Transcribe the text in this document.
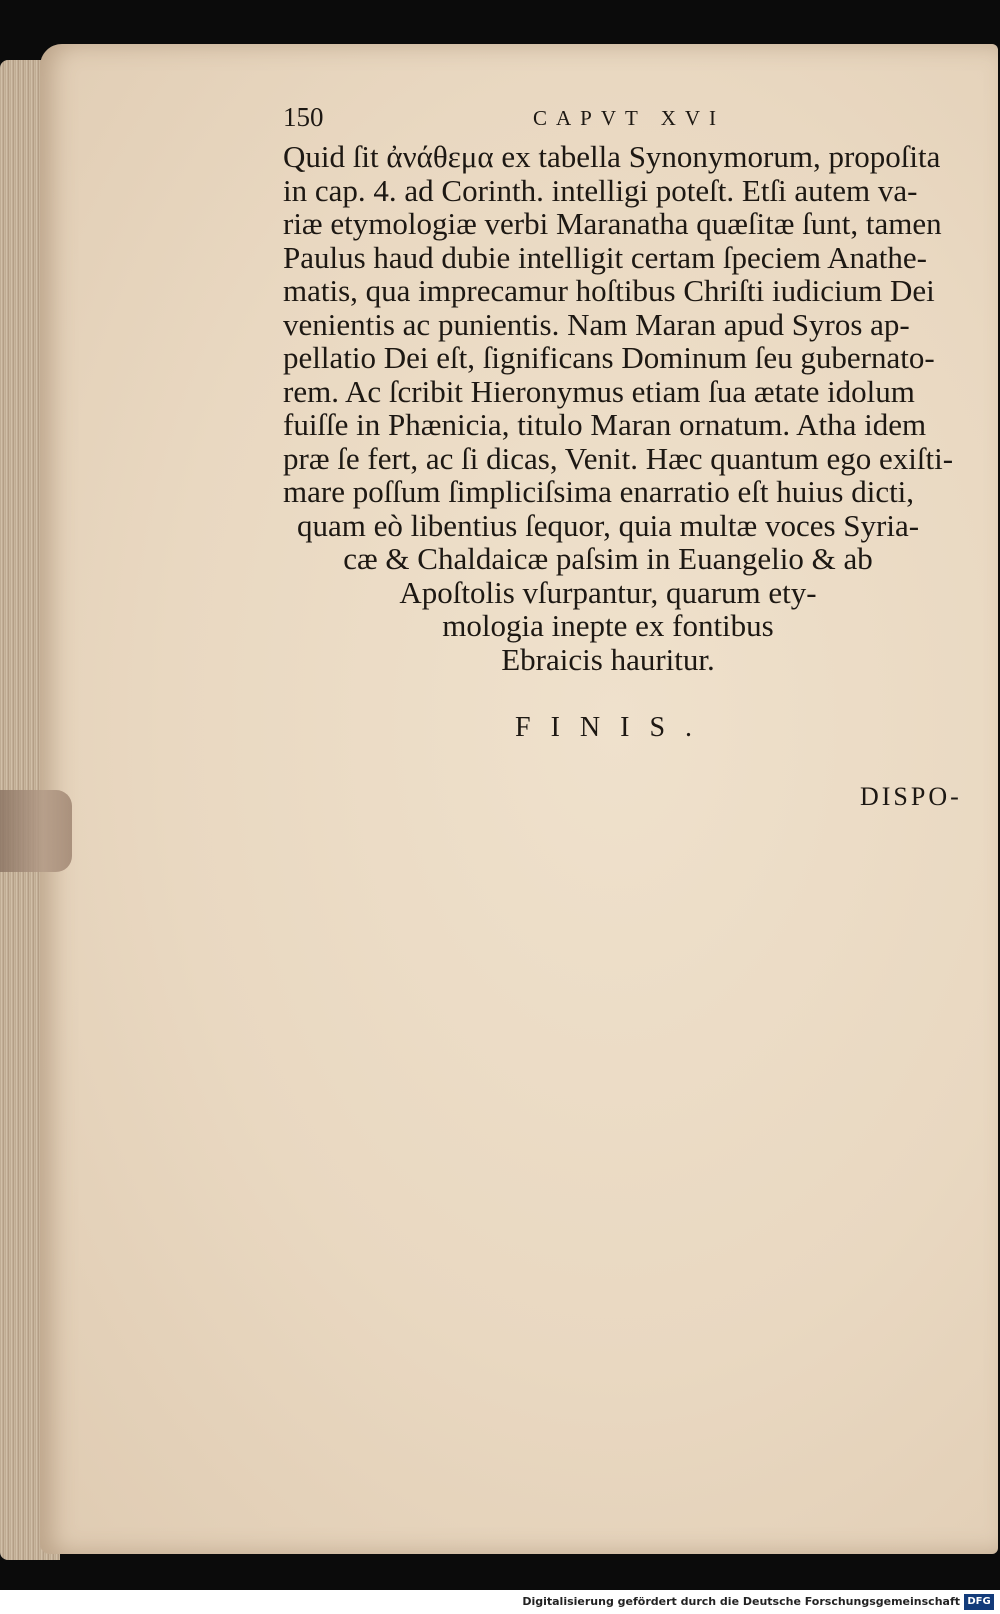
150	CAPVT XVI
Quid ſit ἀνάθεμα ex tabella Synonymorum, propoſita
in cap. 4. ad Corinth. intelligi poteſt. Etſi autem va-
riæ etymologiæ verbi Maranatha quæſitæ ſunt, tamen
Paulus haud dubie intelligit certam ſpeciem Anathe-
matis, qua imprecamur hoſtibus Chriſti iudicium Dei
venientis ac punientis. Nam Maran apud Syros ap-
pellatio Dei eſt, ſignificans Dominum ſeu gubernato-
rem. Ac ſcribit Hieronymus etiam ſua ætate idolum
fuiſſe in Phænicia, titulo Maran ornatum. Atha idem
præ ſe fert, ac ſi dicas, Venit. Hæc quantum ego exiſti-
mare poſſum ſimpliciſsima enarratio eſt huius dicti,
quam eò libentius ſequor, quia multæ voces Syria-
cæ & Chaldaicæ paſsim in Euangelio & ab
Apoſtolis vſurpantur, quarum ety-
mologia inepte ex fontibus
Ebraicis hauritur.
FINIS.
DISPO-
Digitalisierung gefördert durch die Deutsche Forschungsgemeinschaft DFG
